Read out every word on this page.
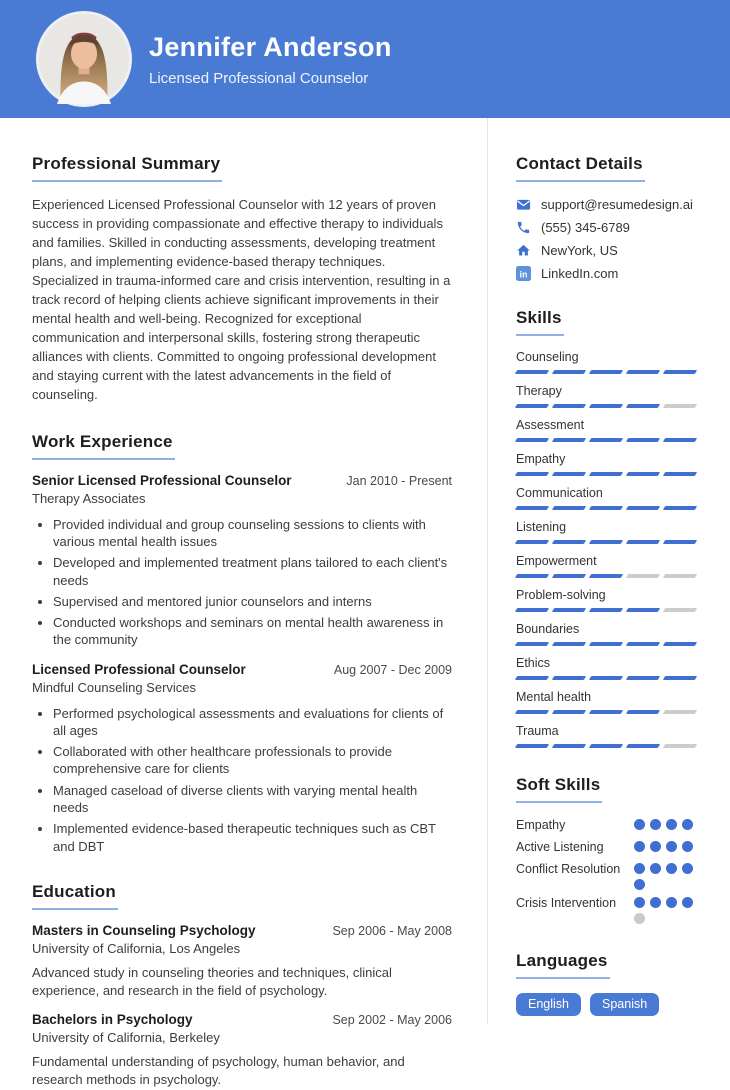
Jennifer Anderson
Licensed Professional Counselor
Professional Summary

Experienced Licensed Professional Counselor with 12 years of proven success in providing compassionate and effective therapy to individuals and families. Skilled in conducting assessments, developing treatment plans, and implementing evidence-based therapy techniques. Specialized in trauma-informed care and crisis intervention, resulting in a track record of helping clients achieve significant improvements in their mental health and well-being. Recognized for exceptional communication and interpersonal skills, fostering strong therapeutic alliances with clients. Committed to ongoing professional development and staying current with the latest advancements in the field of counseling.

Work Experience
Senior Licensed Professional Counselor	Jan 2010 - Present
Therapy Associates
• Provided individual and group counseling sessions to clients with various mental health issues
• Developed and implemented treatment plans tailored to each client's needs
• Supervised and mentored junior counselors and interns
• Conducted workshops and seminars on mental health awareness in the community
Licensed Professional Counselor	Aug 2007 - Dec 2009
Mindful Counseling Services
• Performed psychological assessments and evaluations for clients of all ages
• Collaborated with other healthcare professionals to provide comprehensive care for clients
• Managed caseload of diverse clients with varying mental health needs
• Implemented evidence-based therapeutic techniques such as CBT and DBT
Education
Masters in Counseling Psychology	Sep 2006 - May 2008
University of California, Los Angeles
Advanced study in counseling theories and techniques, clinical experience, and research in the field of psychology.
Bachelors in Psychology	Sep 2002 - May 2006
University of California, Berkeley
Fundamental understanding of psychology, human behavior, and research methods in psychology.
Contact Details
support@resumedesign.ai
(555) 345-6789
NewYork, US
in LinkedIn.com
Skills
Counseling
Therapy
Assessment
Empathy
Communication
Listening
Empowerment
Problem-solving
Boundaries
Ethics
Mental health
Trauma
Soft Skills
Empathy
Active Listening
Conflict Resolution
Crisis Intervention
Languages
English	Spanish
